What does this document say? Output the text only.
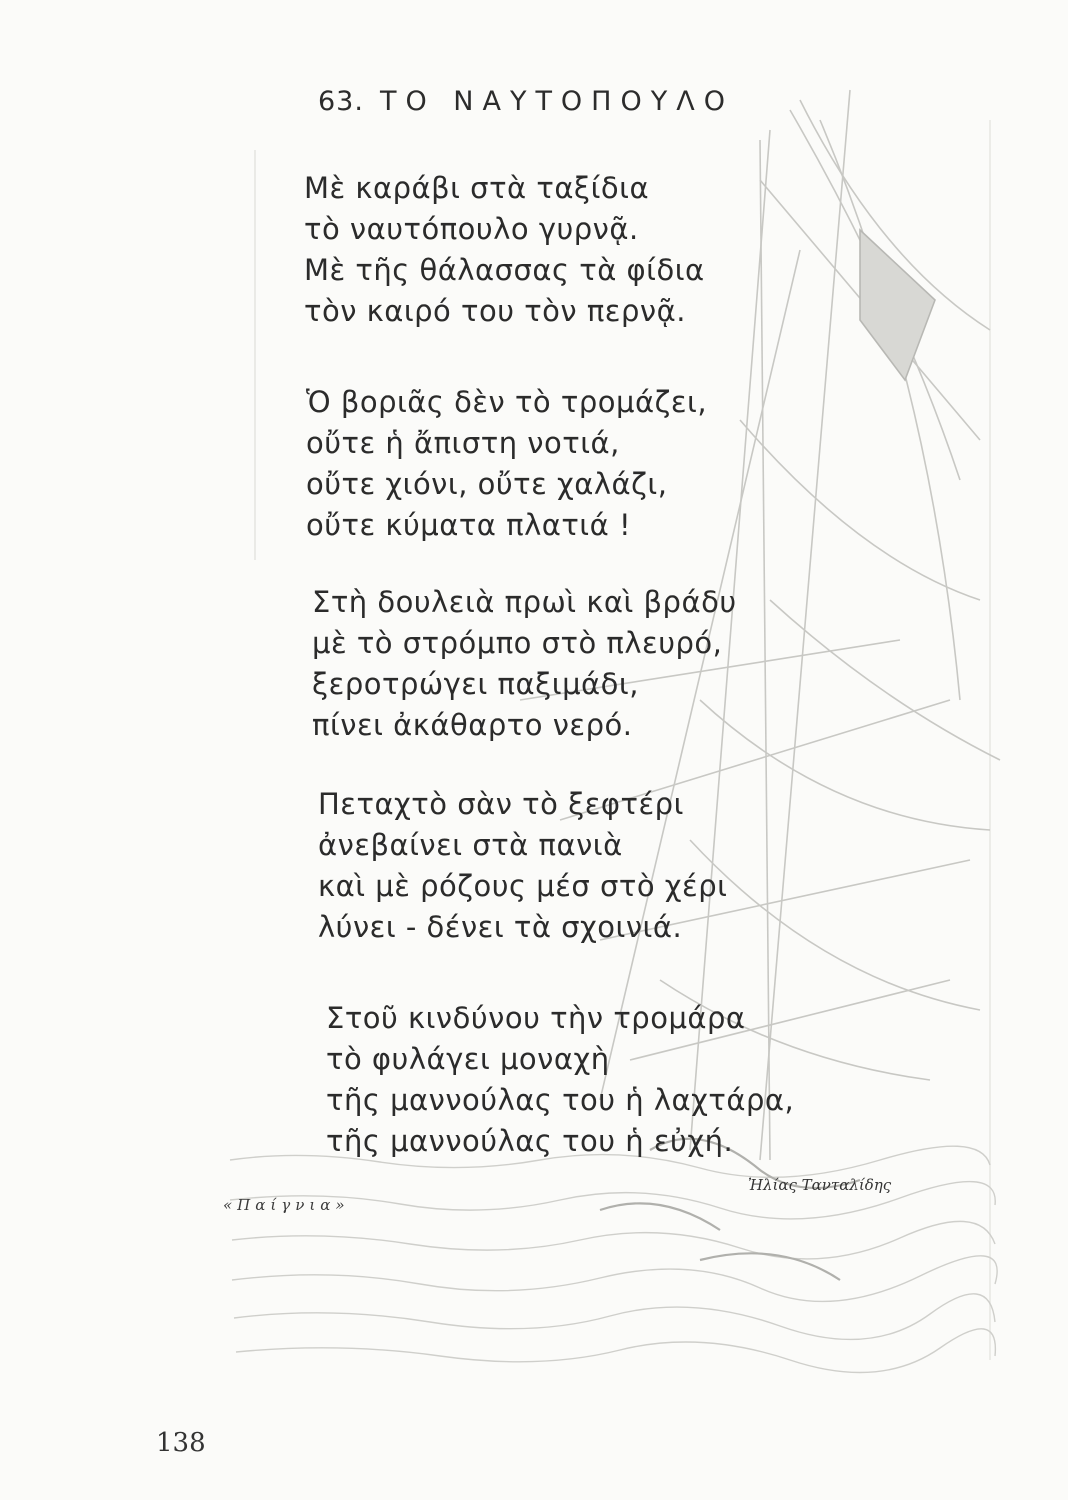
63. ΤΟ ΝΑΥΤΟΠΟΥΛΟ
Μὲ καράβι στὰ ταξίδια
τὸ ναυτόπουλο γυρνᾷ.
Μὲ τῆς θάλασσας τὰ φίδια
τὸν καιρό του τὸν περνᾷ.
Ὁ βοριᾶς δὲν τὸ τρομάζει,
οὔτε ἡ ἄπιστη νοτιά,
οὔτε χιόνι, οὔτε χαλάζι,
οὔτε κύματα πλατιά !
Στὴ δουλειὰ πρωὶ καὶ βράδυ
μὲ τὸ στρόμπο στὸ πλευρό,
ξεροτρώγει παξιμάδι,
πίνει ἀκάθαρτο νερό.
Πεταχτὸ σὰν τὸ ξεφτέρι
ἀνεβαίνει στὰ πανιὰ
καὶ μὲ ρόζους μέσ στὸ χέρι
λύνει - δένει τὰ σχοινιά.
Στοῦ κινδύνου τὴν τρομάρα
τὸ φυλάγει μοναχὴ
τῆς μαννούλας του ἡ λαχτάρα,
τῆς μαννούλας του ἡ εὐχή.
«Παίγνια»
Ἠλίας Τανταλίδης
138
